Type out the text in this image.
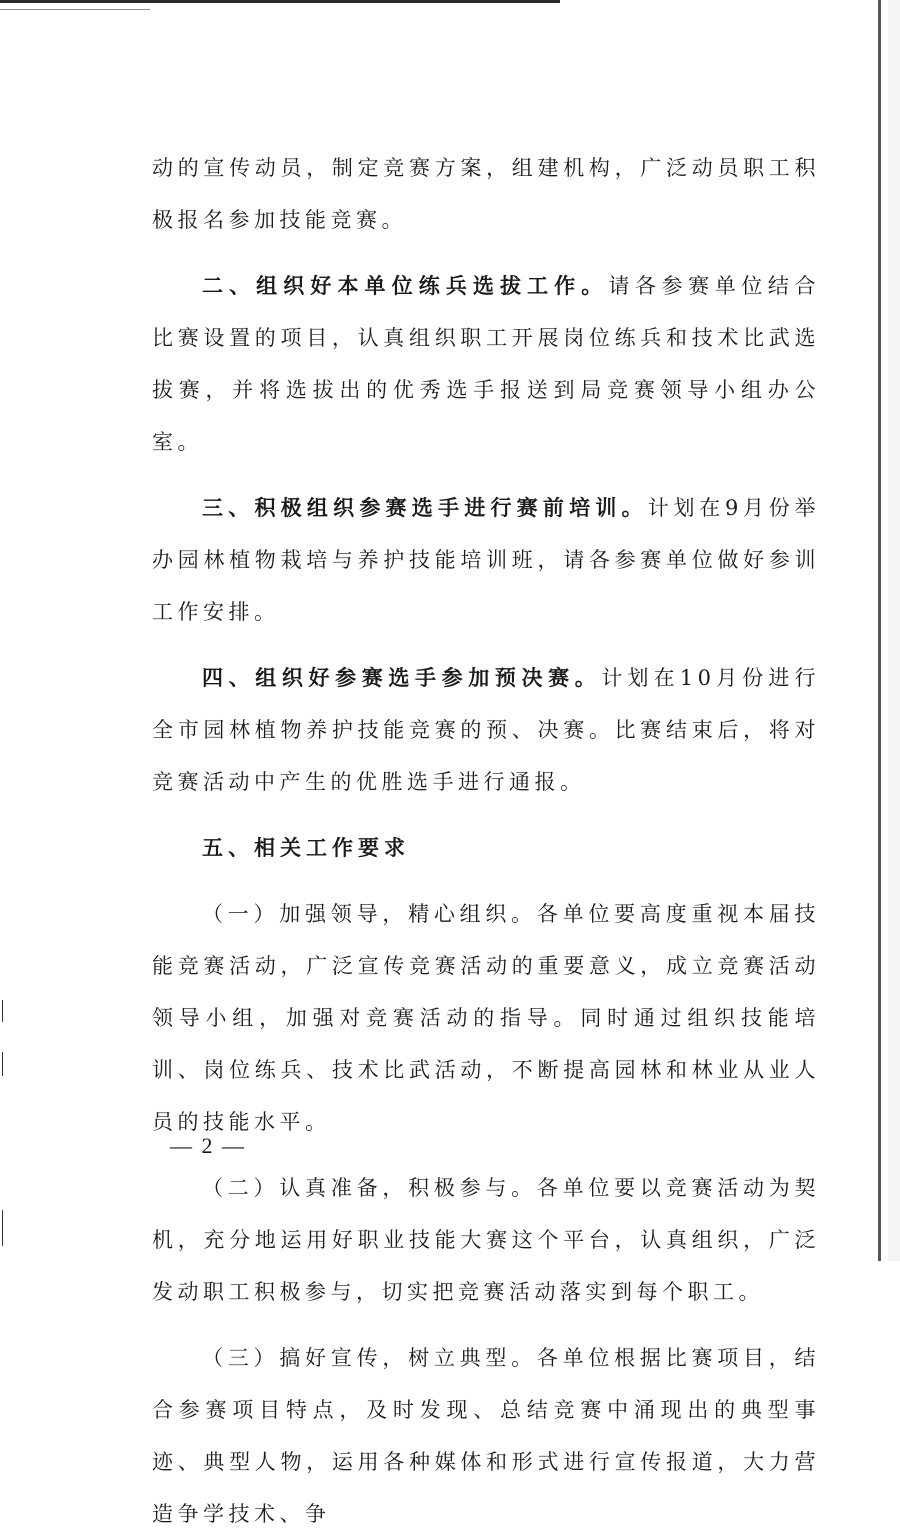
动的宣传动员，制定竞赛方案，组建机构，广泛动员职工积极报名参加技能竞赛。

二、组织好本单位练兵选拔工作。请各参赛单位结合比赛设置的项目，认真组织职工开展岗位练兵和技术比武选拔赛，并将选拔出的优秀选手报送到局竞赛领导小组办公室。

三、积极组织参赛选手进行赛前培训。计划在9月份举办园林植物栽培与养护技能培训班，请各参赛单位做好参训工作安排。

四、组织好参赛选手参加预决赛。计划在10月份进行全市园林植物养护技能竞赛的预、决赛。比赛结束后，将对竞赛活动中产生的优胜选手进行通报。

五、相关工作要求

（一）加强领导，精心组织。各单位要高度重视本届技能竞赛活动，广泛宣传竞赛活动的重要意义，成立竞赛活动领导小组，加强对竞赛活动的指导。同时通过组织技能培训、岗位练兵、技术比武活动，不断提高园林和林业从业人员的技能水平。

（二）认真准备，积极参与。各单位要以竞赛活动为契机，充分地运用好职业技能大赛这个平台，认真组织，广泛发动职工积极参与，切实把竞赛活动落实到每个职工。

（三）搞好宣传，树立典型。各单位根据比赛项目，结合参赛项目特点，及时发现、总结竞赛中涌现出的典型事迹、典型人物，运用各种媒体和形式进行宣传报道，大力营造争学技术、争

— 2 —
